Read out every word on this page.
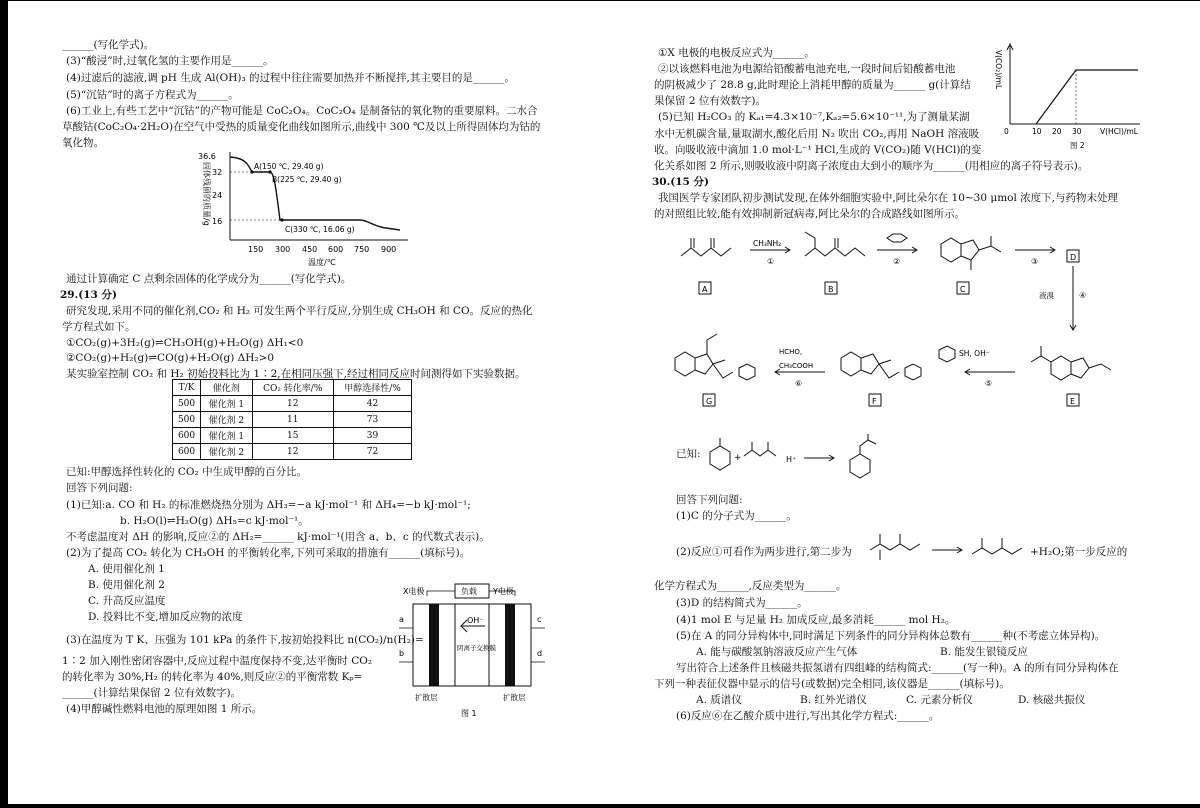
______(写化学式)。
(3)“酸浸”时,过氧化氢的主要作用是______。
(4)过滤后的滤液,调 pH 生成 Al(OH)₃ 的过程中往往需要加热并不断搅拌,其主要目的是______。
(5)“沉钴”时的离子方程式为______。
(6)工业上,有些工艺中“沉钴”的产物可能是 CoC₂O₄。CoC₂O₄ 是制备钴的氧化物的重要原料。二水合
草酸钴(CoC₂O₄·2H₂O)在空气中受热的质量变化曲线如图所示,曲线中 300 ℃及以上所得固体均为钴的
氧化物。
通过计算确定 C 点剩余固体的化学成分为______(写化学式)。
29.(13 分)
研究发现,采用不同的催化剂,CO₂ 和 H₂ 可发生两个平行反应,分别生成 CH₃OH 和 CO。反应的热化
学方程式如下。
①CO₂(g)+3H₂(g)⇌CH₃OH(g)+H₂O(g) ΔH₁<0
②CO₂(g)+H₂(g)⇌CO(g)+H₂O(g) ΔH₂>0
某实验室控制 CO₂ 和 H₂ 初始投料比为 1∶2,在相同压强下,经过相同反应时间测得如下实验数据。
已知:甲醇选择性转化的 CO₂ 中生成甲醇的百分比。
回答下列问题:
(1)已知:a. CO 和 H₂ 的标准燃烧热分别为 ΔH₃=−a kJ·mol⁻¹ 和 ΔH₄=−b kJ·mol⁻¹;
b. H₂O(l)⇌H₂O(g) ΔH₅=c kJ·mol⁻¹。
不考虑温度对 ΔH 的影响,反应②的 ΔH₂=______ kJ·mol⁻¹(用含 a、b、c 的代数式表示)。
(2)为了提高 CO₂ 转化为 CH₃OH 的平衡转化率,下列可采取的措施有______(填标号)。
A. 使用催化剂 1
B. 使用催化剂 2
C. 升高反应温度
D. 投料比不变,增加反应物的浓度
(3)在温度为 T K、压强为 101 kPa 的条件下,按初始投料比 n(CO₂)/n(H₂)=
1∶2 加入刚性密闭容器中,反应过程中温度保持不变,达平衡时 CO₂
的转化率为 30%,H₂ 的转化率为 40%,则反应②的平衡常数 Kₚ=
______(计算结果保留 2 位有效数字)。
(4)甲醇碱性燃料电池的原理如图 1 所示。
固体残留的质量/g
36.6
32
24
16
150 300 450 600 750 900
温度/℃
A(150 ℃, 29.40 g)
B(225 ℃, 29.40 g)
C(330 ℃, 16.06 g)
T/K	催化剂	CO₂ 转化率/%	甲醇选择性/%
500	催化剂 1	12	42
500	催化剂 2	11	73
600	催化剂 1	15	39
600	催化剂 2	12	72
X电极	Y电极
负载
OH⁻
阴离子交换膜
a
b
c
d
扩散层	扩散层
图 1
①X 电极的电极反应式为______。
②以该燃料电池为电源给铅酸蓄电池充电,一段时间后铅酸蓄电池
的阴极减少了 28.8 g,此时理论上消耗甲醇的质量为______ g(计算结
果保留 2 位有效数字)。
(5)已知 H₂CO₃ 的 Kₐ₁=4.3×10⁻⁷,Kₐ₂=5.6×10⁻¹¹,为了测量某湖
水中无机碳含量,量取湖水,酸化后用 N₂ 吹出 CO₂,再用 NaOH 溶液吸
收。向吸收液中滴加 1.0 mol·L⁻¹ HCl,生成的 V(CO₂)随 V(HCl)的变
化关系如图 2 所示,则吸收液中阴离子浓度由大到小的顺序为______(用相应的离子符号表示)。
30.(15 分)
我国医学专家团队初步测试发现,在体外细胞实验中,阿比朵尔在 10~30 μmol 浓度下,与药物未处理
的对照组比较,能有效抑制新冠病毒,阿比朵尔的合成路线如图所示。
已知:
回答下列问题:
(1)C 的分子式为______。
(2)反应①可看作为两步进行,第二步为	+H₂O;第一步反应的
化学方程式为______,反应类型为______。
(3)D 的结构简式为______。
(4)1 mol E 与足量 H₂ 加成反应,最多消耗______ mol H₂。
(5)在 A 的同分异构体中,同时满足下列条件的同分异构体总数有______种(不考虑立体异构)。
A. 能与碳酸氢钠溶液反应产生气体	B. 能发生银镜反应
写出符合上述条件且核磁共振氢谱有四组峰的结构简式:______(写一种)。A 的所有同分异构体在
下列一种表征仪器中显示的信号(或数据)完全相同,该仪器是______(填标号)。
A. 质谱仪	B. 红外光谱仪	C. 元素分析仪	D. 核磁共振仪
(6)反应⑥在乙酸介质中进行,写出其化学方程式:______。
V(CO₂)/mL
0	10 20 30 V(HCl)/mL
图 2
A	B	C
D
E
F
G
CH₃NH₂
①	②	③
液溴	④
SH, OH⁻
⑤
HCHO,
CH₃COOH
⑥
+	H⁺
